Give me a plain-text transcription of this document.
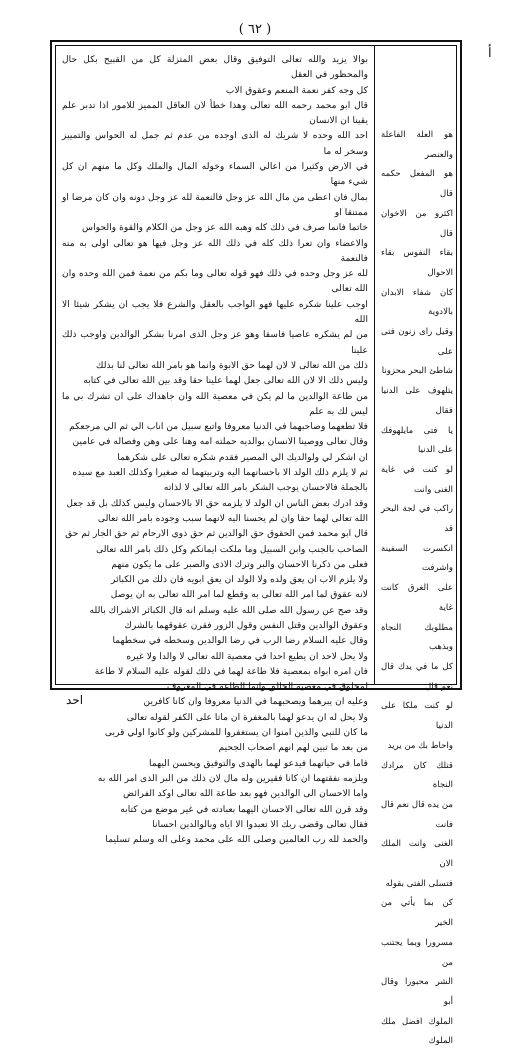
( ٦٢ )
أ

بوالا يزيد والله تعالى التوفيق وقال بعض المتزلة كل من القبيح بكل حال والمحظور في العقل

كل وجه كفر نعمة المنعم وعقوق الاب

قال ابو محمد رحمه الله تعالى وهذا خطأ لان العاقل المميز للامور اذا تدبر علم يقينا ان الانسان

احد الله وحده لا شريك له الذى اوجده من عدم ثم جمل له الحواس والتمييز وسخر له ما

في الارض وكثيرا من اعالي السماء وخوله المال والملك وكل ما منهم ان كل شيء منها

بمال فان اعطى من مال الله عز وجل فالنعمة لله عز وجل دونه وان كان مرضا او ممتنقا او

خاتما فانما صرف في ذلك كله وهبه الله عز وجل من الكلام والقوة والحواس

والاعضاء وان تعرا ذلك كله في ذلك الله عز وجل فيها هو تعالى اولى به منه فالنعمة

لله عز وجل وحده في ذلك فهو قوله تعالى وما بكم من نعمة فمن الله وحده وان الله تعالى

اوجب علينا شكره عليها فهو الواجب بالعقل والشرع فلا يجب ان يشكر شيئا الا الله

من لم يشكره عاصيا فاسقا وهو عز وجل الذى امرنا بشكر الوالدين واوجب ذلك علينا

ذلك من الله تعالى لا لان لهما حق الابوة وانما هو بامر الله تعالى لنا بذلك

وليس ذلك الا لان الله تعالى جعل لهما علينا حقا وقد بين الله تعالى في كتابه

من طاعة الوالدين ما لم يكن في معصية الله وان جاهداك على ان تشرك بي ما ليس لك به علم

فلا تطعهما وصاحبهما في الدنيا معروفا واتبع سبيل من اناب الي ثم الي مرجعكم

وقال تعالى ووصينا الانسان بوالديه حملته امه وهنا على وهن وفصاله في عامين

ان اشكر لي ولوالديك الي المصير فقدم شكره تعالى على شكرهما

ثم لا يلزم ذلك الولد الا باحسانهما اليه وتربيتهما له صغيرا وكذلك العبد مع سيده

بالجملة فالاحسان يوجب الشكر بامر الله تعالى لا لذاته

وقد ادرك بعض الناس ان الولد لا يلزمه حق الا بالاحسان وليس كذلك بل قد جعل

الله تعالى لهما حقا وان لم يحسنا اليه لانهما سبب وجوده بامر الله تعالى

قال ابو محمد فمن الحقوق حق الوالدين ثم حق ذوي الارحام ثم حق الجار ثم حق

الصاحب بالجنب وابن السبيل وما ملكت ايمانكم وكل ذلك بامر الله تعالى

فعلى من ذكرنا الاحسان والبر وترك الاذى والصبر على ما يكون منهم

ولا يلزم الاب ان يعق ولده ولا الولد ان يعق ابويه فان ذلك من الكبائر

لانه عقوق لما امر الله تعالى به وقطع لما امر الله تعالى به ان يوصل

وقد صح عن رسول الله صلى الله عليه وسلم انه قال الكبائر الاشراك بالله

وعقوق الوالدين وقتل النفس وقول الزور فقرن عقوقهما بالشرك

وقال عليه السلام رضا الرب في رضا الوالدين وسخطه في سخطهما

ولا يحل لاحد ان يطيع احدا في معصية الله تعالى لا والدا ولا غيره

فان امره ابواه بمعصية فلا طاعة لهما في ذلك لقوله عليه السلام لا طاعة

لمخلوق في معصية الخالق وانما الطاعة في المعروف

وعليه ان يبرهما ويصحبهما في الدنيا معروفا وان كانا كافرين

ولا يحل له ان يدعو لهما بالمغفرة ان ماتا على الكفر لقوله تعالى

ما كان للنبي والذين امنوا ان يستغفروا للمشركين ولو كانوا اولي قربى

من بعد ما تبين لهم انهم اصحاب الجحيم

فاما في حياتهما فيدعو لهما بالهدى والتوفيق ويحسن اليهما

ويلزمه نفقتهما ان كانا فقيرين وله مال لان ذلك من البر الذى امر الله به

واما الاحسان الى الوالدين فهو بعد طاعة الله تعالى اوكد الفرائض

وقد قرن الله تعالى الاحسان اليهما بعبادته في غير موضع من كتابه

فقال تعالى وقضى ربك الا تعبدوا الا اياه وبالوالدين احسانا

والحمد لله رب العالمين وصلى الله على محمد وعلى اله وسلم تسليما

هو العلة الفاعلة والعنصر

هو المفعل حكمه قال

اكثرو من الاخوان قال

بقاء النفوس بقاء الاحوال

كان شفاء الابدان بالادوية

وقيل راى زنون فتى على

شاطئ البحر محزونا

يتلهوف على الدنيا فقال

يا فتى مايلهوفك على الدنيا

لو كنت في غاية الغنى وانت

راكب في لجة البحر قد

انكسرت السفينة واشرفت

على الغرق كانت غاية

مطلوبك النجاة وبذهب

كل ما في يدك قال نعم قال

لو كنت ملكا على الدنيا

واحاط بك من يريد

قتلك كان مرادك النجاة

من يده قال نعم قال فانت

الغنى وانت الملك الان

فتسلى الفتى بقوله

كن بما يأتي من الخير

مسرورا وبما يجتنب من

الشر محبورا وقال أبو

الملوك افضل ملك الملوك

احد
